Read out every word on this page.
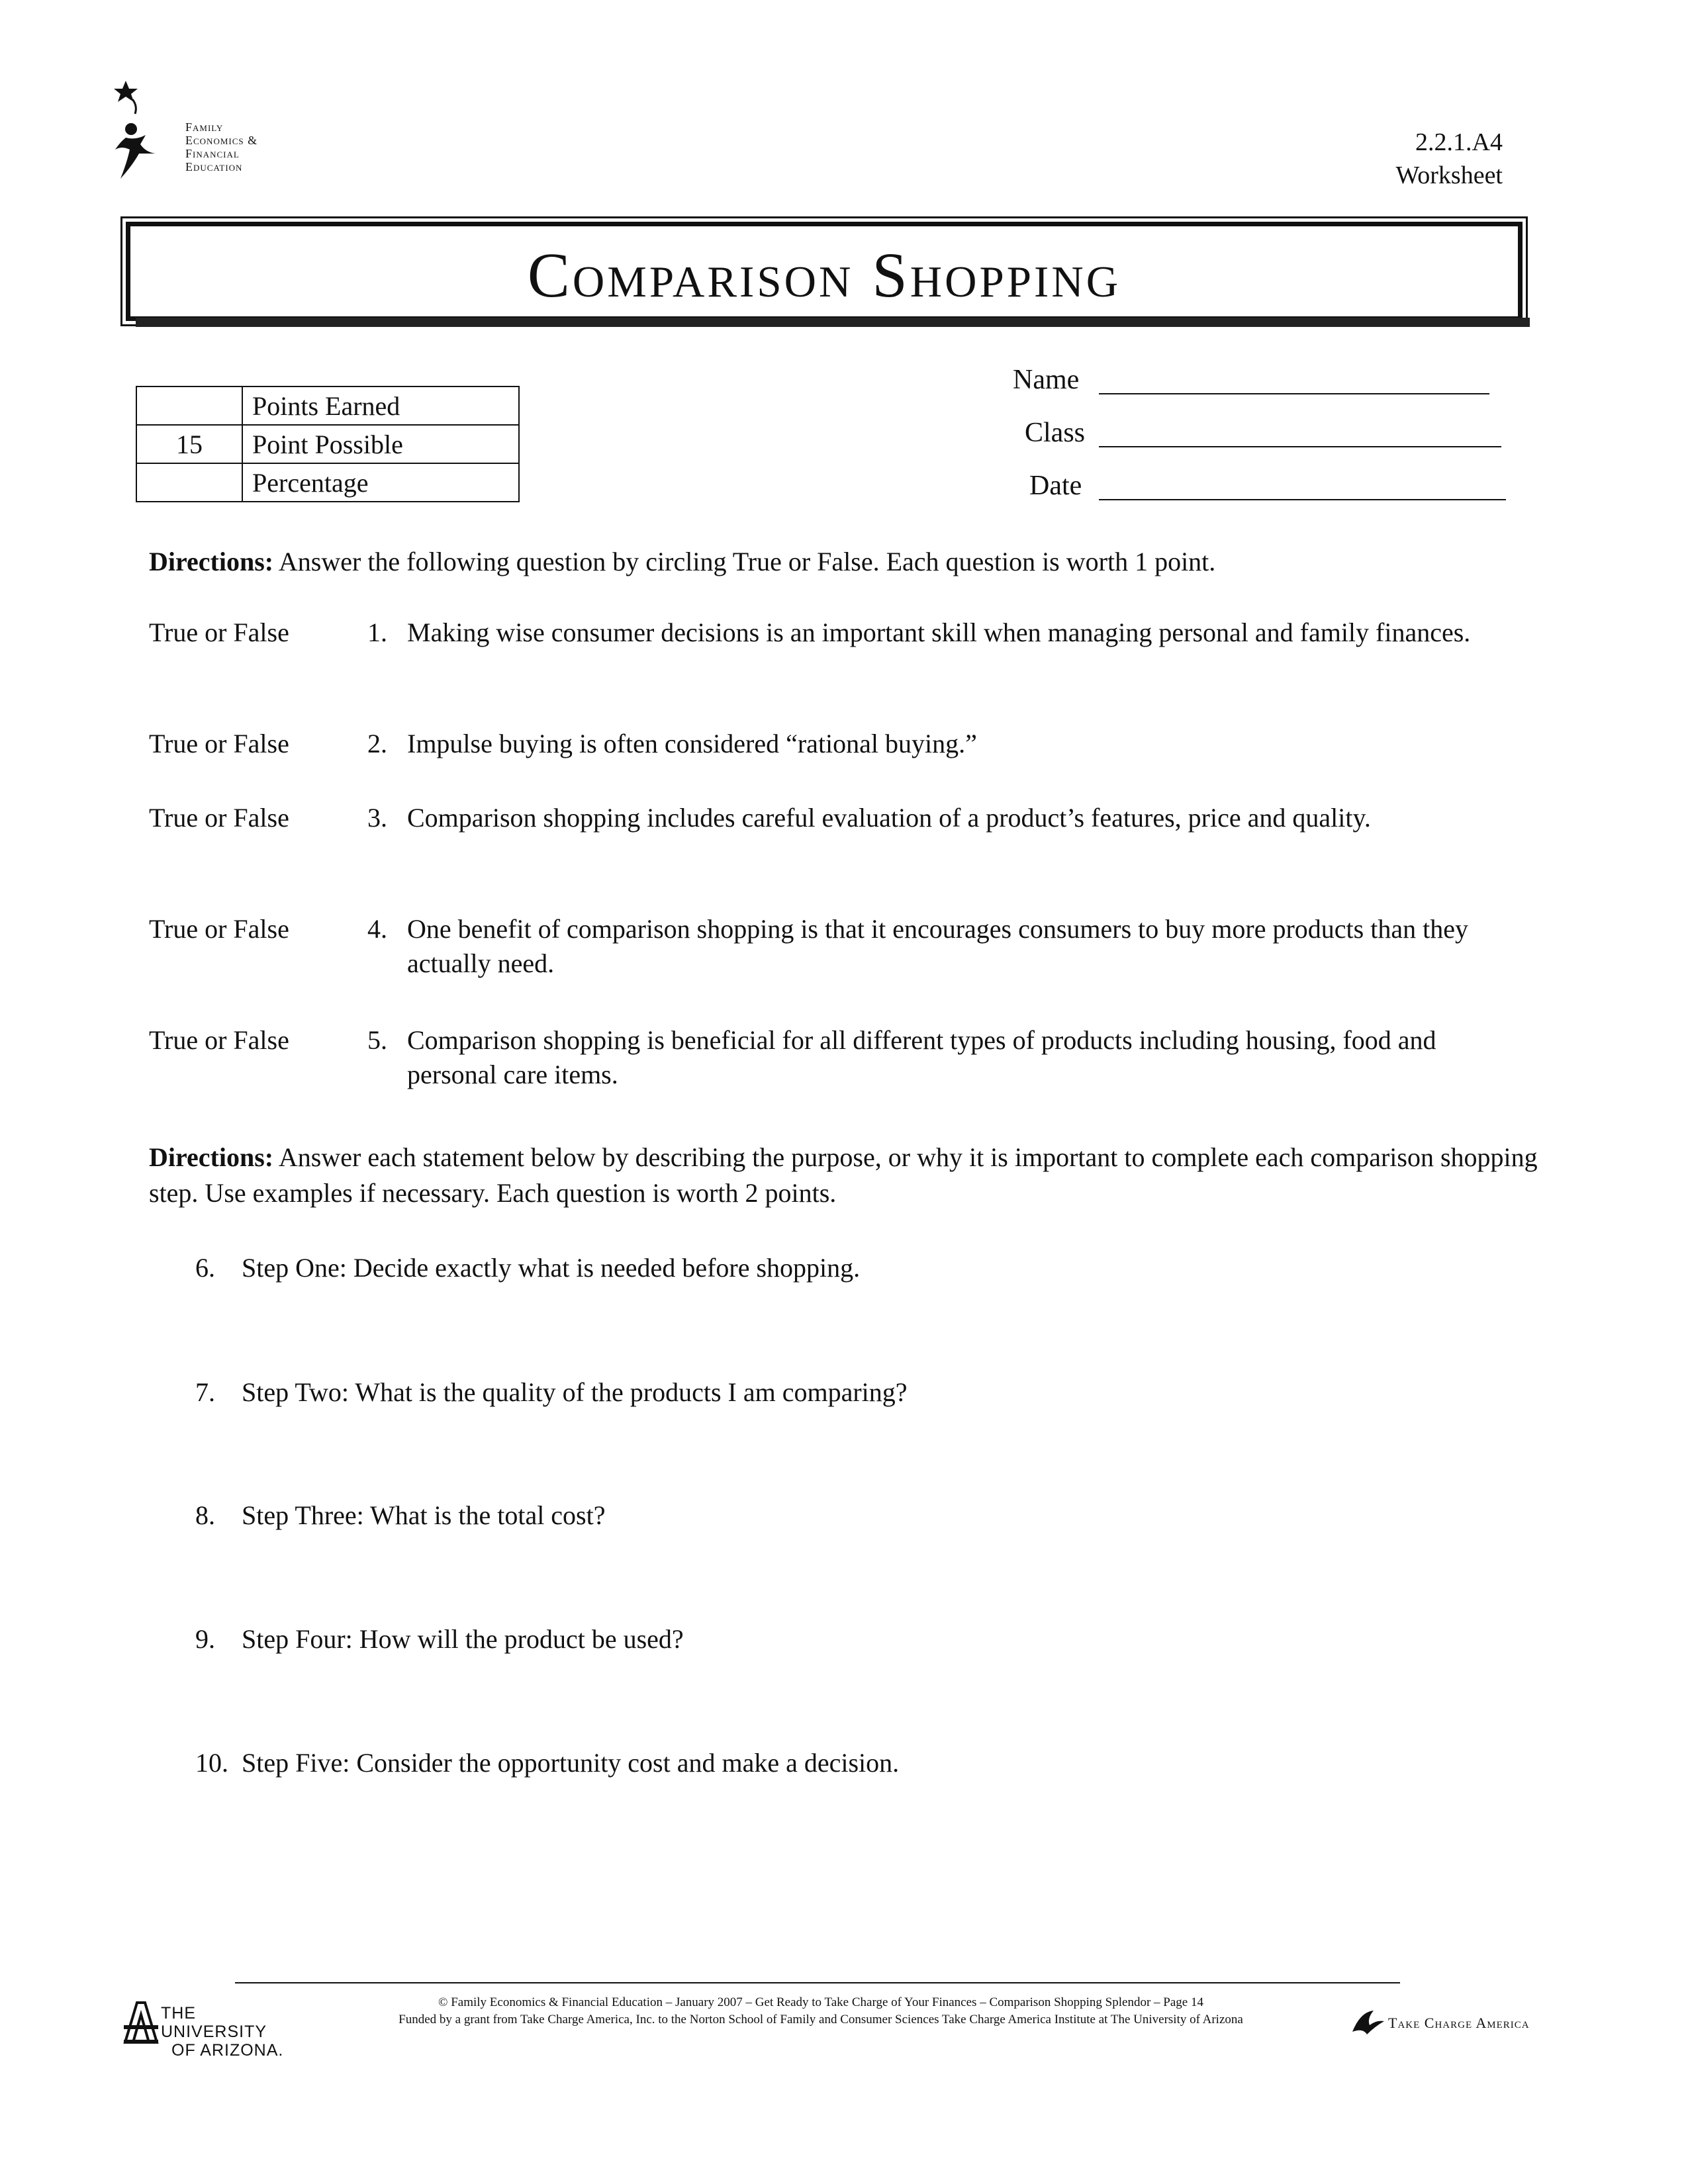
Family
Economics &
Financial
Education
2.2.1.A4
Worksheet
Comparison Shopping
	Points Earned
15	Point Possible
	Percentage
Name
Class
Date
Directions: Answer the following question by circling True or False. Each question is worth 1 point.
True or False	1. Making wise consumer decisions is an important skill when managing personal and family finances.
True or False	2. Impulse buying is often considered “rational buying.”
True or False	3. Comparison shopping includes careful evaluation of a product’s features, price and quality.
True or False	4. One benefit of comparison shopping is that it encourages consumers to buy more products than they actually need.
True or False	5. Comparison shopping is beneficial for all different types of products including housing, food and personal care items.
Directions: Answer each statement below by describing the purpose, or why it is important to complete each comparison shopping step. Use examples if necessary. Each question is worth 2 points.
6. Step One: Decide exactly what is needed before shopping.
7. Step Two: What is the quality of the products I am comparing?
8. Step Three: What is the total cost?
9. Step Four: How will the product be used?
10. Step Five: Consider the opportunity cost and make a decision.
THE UNIVERSITY
OF ARIZONA.
© Family Economics & Financial Education – January 2007 – Get Ready to Take Charge of Your Finances – Comparison Shopping Splendor – Page 14
Funded by a grant from Take Charge America, Inc. to the Norton School of Family and Consumer Sciences Take Charge America Institute at The University of Arizona	Take Charge America
